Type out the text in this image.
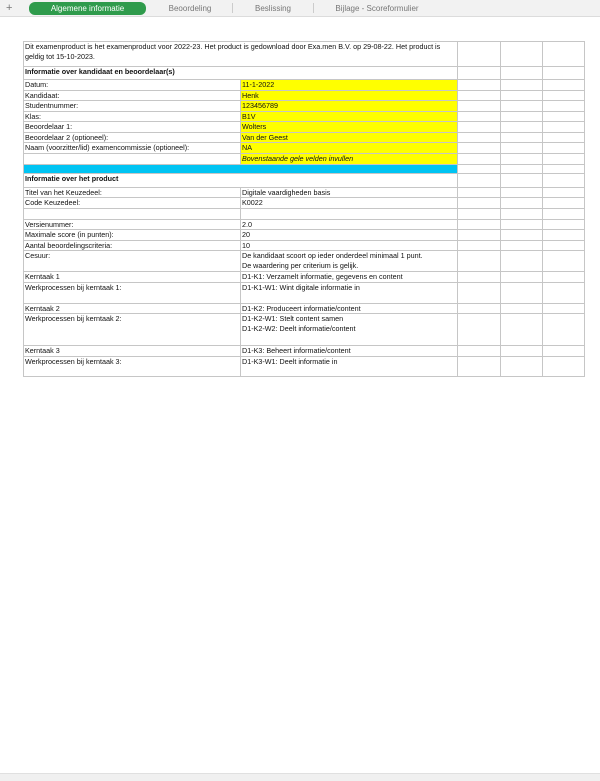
+	Algemene informatie	Beoordeling	Beslissing	Bijlage - Scoreformulier
Dit examenproduct is het examenproduct voor 2022-23. Het product is gedownload door Exa.men B.V. op 29-08-22. Het product is geldig tot 15-10-2023.				
Informatie over kandidaat en beoordelaar(s)				
Datum:	11-1-2022			
Kandidaat:	Henk			
Studentnummer:	123456789			
Klas:	B1V			
Beoordelaar 1:	Wolters			
Beoordelaar 2 (optioneel):	Van der Geest			
Naam (voorzitter/lid) examencommissie (optioneel):	NA			
	Bovenstaande gele velden invullen			

Informatie over het product				
Titel van het Keuzedeel:	Digitale vaardigheden basis			
Code Keuzedeel:	K0022			

Versienummer:	2.0			
Maximale score (in punten):	20			
Aantal beoordelingscriteria:	10			
Cesuur:	De kandidaat scoort op ieder onderdeel minimaal 1 punt.
De waardering per criterium is gelijk.			

Kerntaak 1	D1-K1: Verzamelt informatie, gegevens en content			
Werkprocessen bij kerntaak 1:	D1-K1-W1: Wint digitale informatie in			
Kerntaak 2	D1-K2: Produceert informatie/content			
Werkprocessen bij kerntaak 2:	D1-K2-W1: Stelt content samen
D1-K2-W2: Deelt informatie/content			

Kerntaak 3	D1-K3: Beheert informatie/content			
Werkprocessen bij kerntaak 3:	D1-K3-W1: Deelt informatie in			
